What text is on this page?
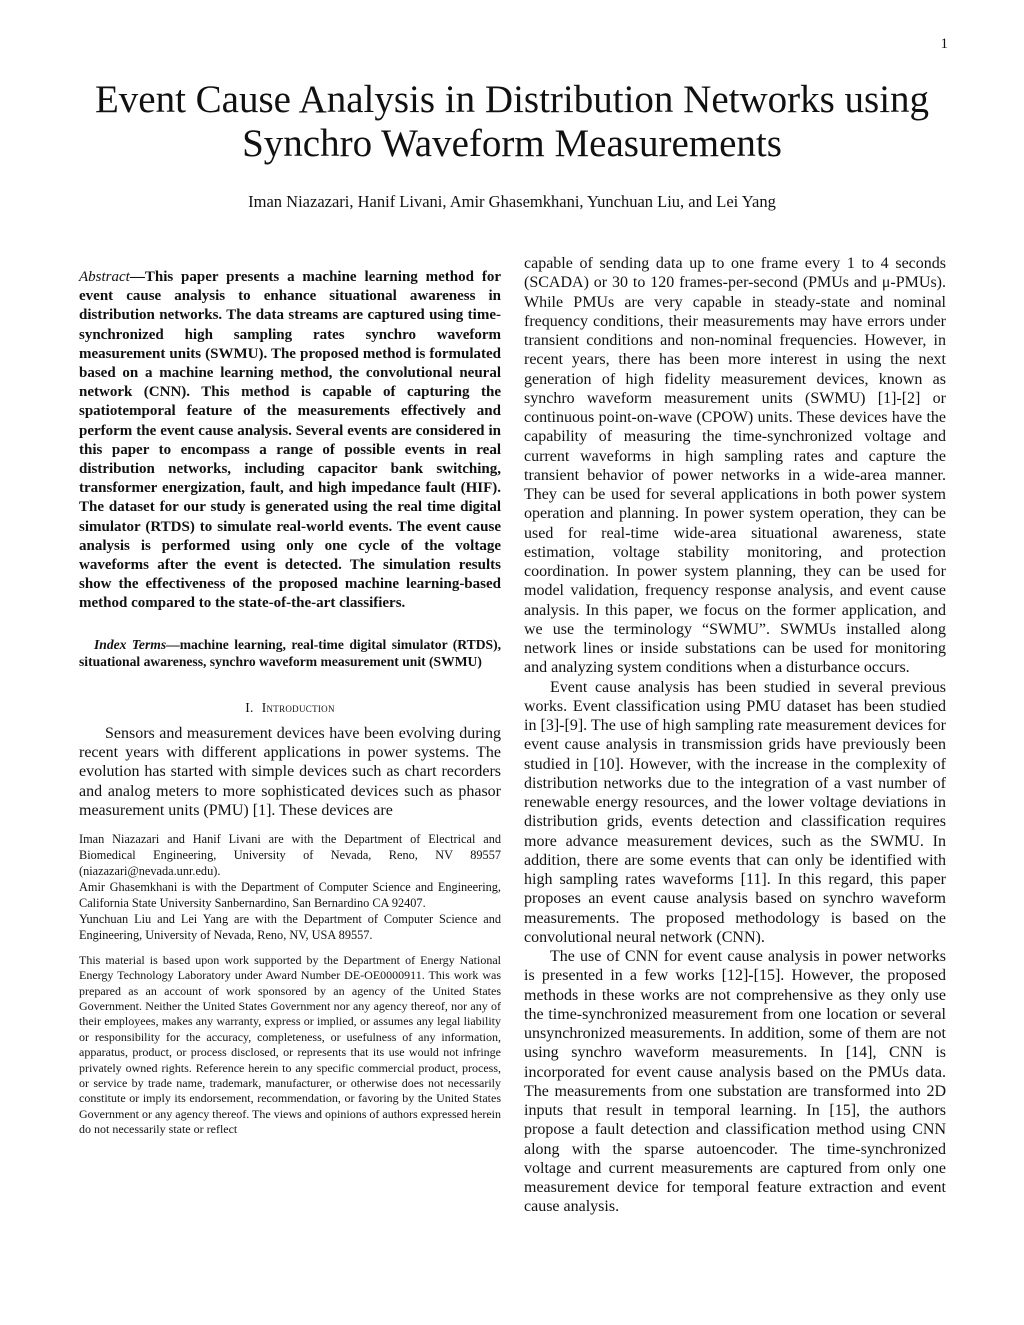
1
Event Cause Analysis in Distribution Networks using Synchro Waveform Measurements
Iman Niazazari, Hanif Livani, Amir Ghasemkhani, Yunchuan Liu, and Lei Yang

Abstract—This paper presents a machine learning method for event cause analysis to enhance situational awareness in distribution networks. The data streams are captured using time-synchronized high sampling rates synchro waveform measurement units (SWMU). The proposed method is formulated based on a machine learning method, the convolutional neural network (CNN). This method is capable of capturing the spatiotemporal feature of the measurements effectively and perform the event cause analysis. Several events are considered in this paper to encompass a range of possible events in real distribution networks, including capacitor bank switching, transformer energization, fault, and high impedance fault (HIF). The dataset for our study is generated using the real time digital simulator (RTDS) to simulate real-world events. The event cause analysis is performed using only one cycle of the voltage waveforms after the event is detected. The simulation results show the effectiveness of the proposed machine learning-based method compared to the state-of-the-art classifiers.

Index Terms—machine learning, real-time digital simulator (RTDS), situational awareness, synchro waveform measurement unit (SWMU)

I. Introduction

Sensors and measurement devices have been evolving during recent years with different applications in power systems. The evolution has started with simple devices such as chart recorders and analog meters to more sophisticated devices such as phasor measurement units (PMU) [1]. These devices are

Iman Niazazari and Hanif Livani are with the Department of Electrical and Biomedical Engineering, University of Nevada, Reno, NV 89557 (niazazari@nevada.unr.edu).

Amir Ghasemkhani is with the Department of Computer Science and Engineering, California State University Sanbernardino, San Bernardino CA 92407.

Yunchuan Liu and Lei Yang are with the Department of Computer Science and Engineering, University of Nevada, Reno, NV, USA 89557.

This material is based upon work supported by the Department of Energy National Energy Technology Laboratory under Award Number DE-OE0000911. This work was prepared as an account of work sponsored by an agency of the United States Government. Neither the United States Government nor any agency thereof, nor any of their employees, makes any warranty, express or implied, or assumes any legal liability or responsibility for the accuracy, completeness, or usefulness of any information, apparatus, product, or process disclosed, or represents that its use would not infringe privately owned rights. Reference herein to any specific commercial product, process, or service by trade name, trademark, manufacturer, or otherwise does not necessarily constitute or imply its endorsement, recommendation, or favoring by the United States Government or any agency thereof. The views and opinions of authors expressed herein do not necessarily state or reflect

capable of sending data up to one frame every 1 to 4 seconds (SCADA) or 30 to 120 frames-per-second (PMUs and μ-PMUs). While PMUs are very capable in steady-state and nominal frequency conditions, their measurements may have errors under transient conditions and non-nominal frequencies. However, in recent years, there has been more interest in using the next generation of high fidelity measurement devices, known as synchro waveform measurement units (SWMU) [1]-[2] or continuous point-on-wave (CPOW) units. These devices have the capability of measuring the time-synchronized voltage and current waveforms in high sampling rates and capture the transient behavior of power networks in a wide-area manner. They can be used for several applications in both power system operation and planning. In power system operation, they can be used for real-time wide-area situational awareness, state estimation, voltage stability monitoring, and protection coordination. In power system planning, they can be used for model validation, frequency response analysis, and event cause analysis. In this paper, we focus on the former application, and we use the terminology “SWMU”. SWMUs installed along network lines or inside substations can be used for monitoring and analyzing system conditions when a disturbance occurs.

Event cause analysis has been studied in several previous works. Event classification using PMU dataset has been studied in [3]-[9]. The use of high sampling rate measurement devices for event cause analysis in transmission grids have previously been studied in [10]. However, with the increase in the complexity of distribution networks due to the integration of a vast number of renewable energy resources, and the lower voltage deviations in distribution grids, events detection and classification requires more advance measurement devices, such as the SWMU. In addition, there are some events that can only be identified with high sampling rates waveforms [11]. In this regard, this paper proposes an event cause analysis based on synchro waveform measurements. The proposed methodology is based on the convolutional neural network (CNN).

The use of CNN for event cause analysis in power networks is presented in a few works [12]-[15]. However, the proposed methods in these works are not comprehensive as they only use the time-synchronized measurement from one location or several unsynchronized measurements. In addition, some of them are not using synchro waveform measurements. In [14], CNN is incorporated for event cause analysis based on the PMUs data. The measurements from one substation are transformed into 2D inputs that result in temporal learning. In [15], the authors propose a fault detection and classification method using CNN along with the sparse autoencoder. The time-synchronized voltage and current measurements are captured from only one measurement device for temporal feature extraction and event cause analysis.
